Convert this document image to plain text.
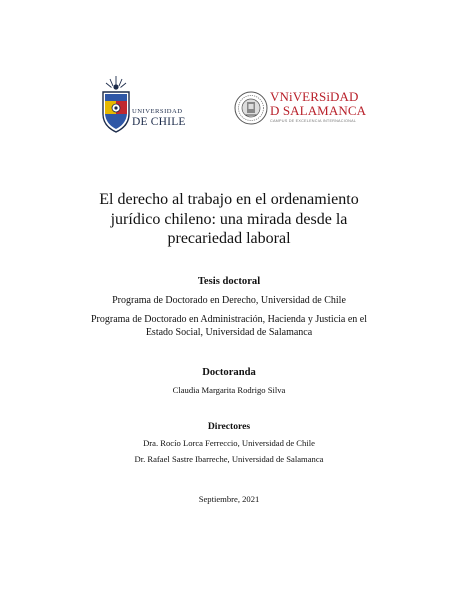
UNIVERSIDAD
DE CHILE
VNiVERSiDAD
D SALAMANCA
CAMPUS DE EXCELENCIA INTERNACIONAL
El derecho al trabajo en el ordenamiento
jurídico chileno: una mirada desde la
precariedad laboral
Tesis doctoral
Programa de Doctorado en Derecho, Universidad de Chile
Programa de Doctorado en Administración, Hacienda y Justicia en el
Estado Social, Universidad de Salamanca
Doctoranda
Claudia Margarita Rodrigo Silva
Directores
Dra. Rocío Lorca Ferreccio, Universidad de Chile
Dr. Rafael Sastre Ibarreche, Universidad de Salamanca
Septiembre, 2021
